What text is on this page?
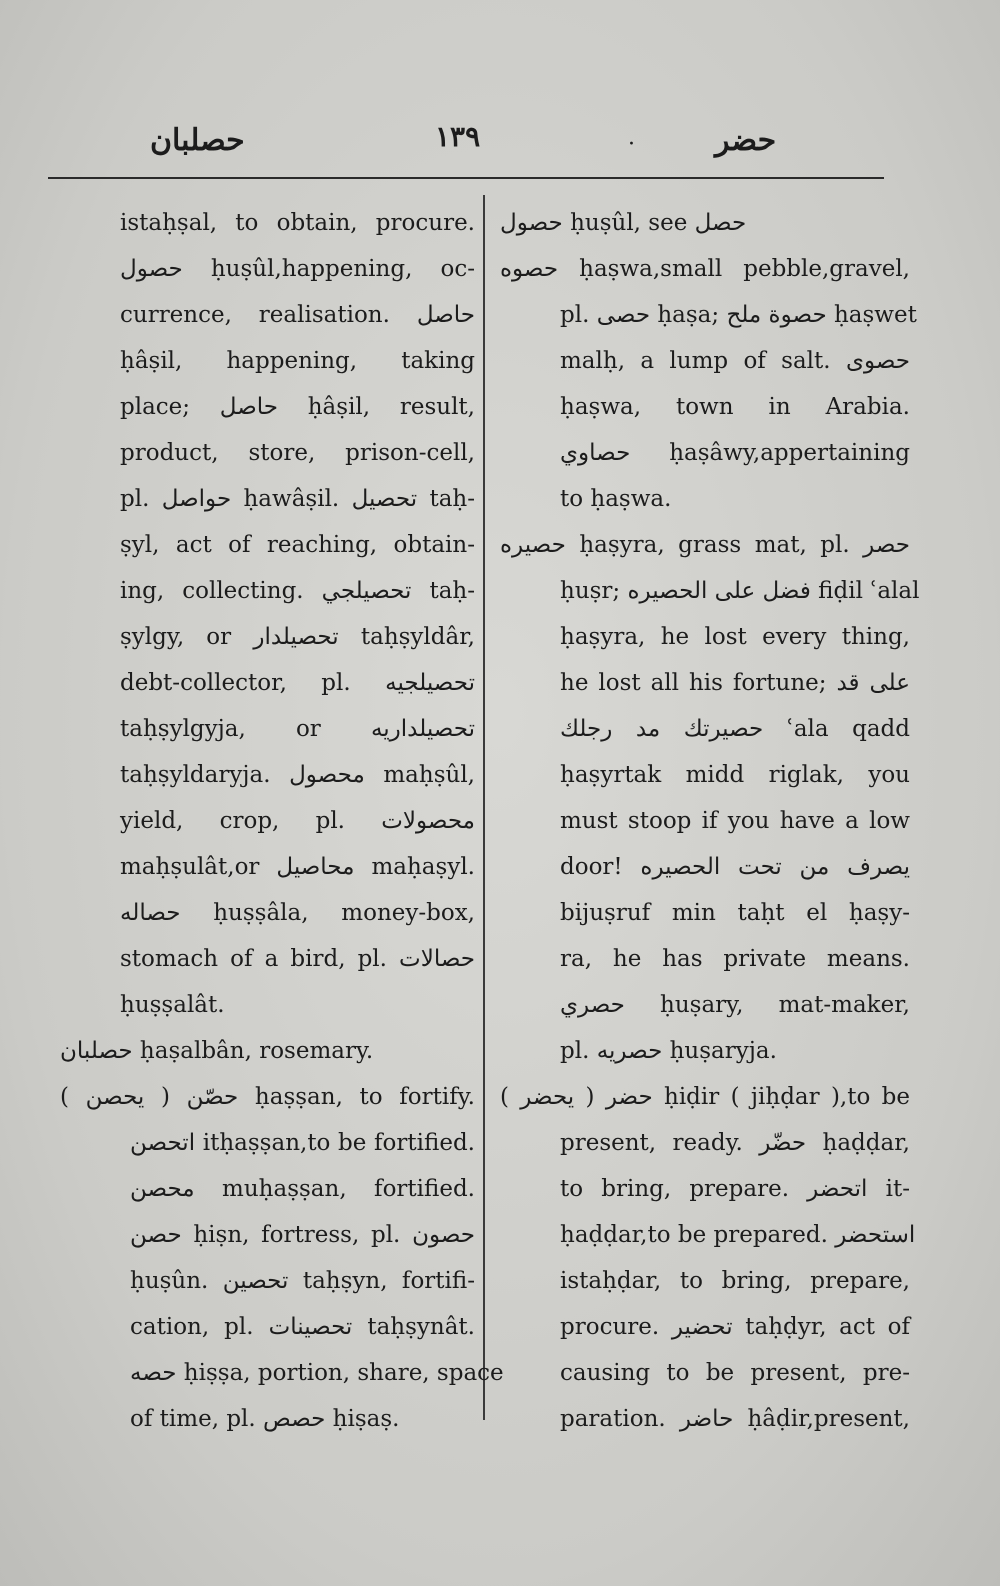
حصلبان	١٣٩	·	حضر
istaḥṣal, to obtain, procure.
حصول ḥuṣûl,happening, oc-
currence, realisation. حاصل
ḥâṣil, happening, taking
place; حاصل ḥâṣil, result,
product, store, prison-cell,
pl. حواصل ḥawâṣil. تحصيل taḥ-
ṣyl, act of reaching, obtain-
ing, collecting. تحصيلجي taḥ-
ṣylgy, or تحصيلدار taḥṣyldâr,
debt-collector, pl. تحصيلجيه
taḥṣylgyja, or تحصيلداريه
taḥṣyldaryja. محصول maḥṣûl,
yield, crop, pl. محصولات
maḥṣulât,or محاصيل maḥaṣyl.
حصاله ḥuṣṣâla, money-box,
stomach of a bird, pl. حصالات
ḥuṣṣalât.
حصلبان ḥaṣalbân, rosemary.
حصّن ( يحصن ) ḥaṣṣan, to fortify.
اتحصن itḥaṣṣan,to be fortified.
محصن muḥaṣṣan, fortified.
حصن ḥiṣn, fortress, pl. حصون
ḥuṣûn. تحصين taḥṣyn, fortifi-
cation, pl. تحصينات taḥṣynât.
حصه ḥiṣṣa, portion, share, space
of time, pl. حصص ḥiṣaṣ.
حصول ḥuṣûl, see حصل
حصوه ḥaṣwa,small pebble,gravel,
pl. حصى ḥaṣa; حصوة ملح ḥaṣwet
malḥ, a lump of salt. حصوى
ḥaṣwa, town in Arabia.
حصاوي ḥaṣâwy,appertaining
to ḥaṣwa.
حصيره ḥaṣyra, grass mat, pl. حصر
ḥuṣr; فضل على الحصيره fiḍil ʿalal
ḥaṣyra, he lost every thing,
he lost all his fortune; على قد
حصيرتك مد رجلك ʿala qadd
ḥaṣyrtak midd riglak, you
must stoop if you have a low
door! يصرف من تحت الحصيره
bijuṣruf min taḥt el ḥaṣy-
ra, he has private means.
حصري ḥuṣary, mat-maker,
pl. حصريه ḥuṣaryja.
حضر ( يحضر ) ḥiḍir ( jiḥḍar ),to be
present, ready. حضّر ḥaḍḍar,
to bring, prepare. اتحضر it-
ḥaḍḍar,to be prepared. استحضر
istaḥḍar, to bring, prepare,
procure. تحضير taḥḍyr, act of
causing to be present, pre-
paration. حاضر ḥâḍir,present,
